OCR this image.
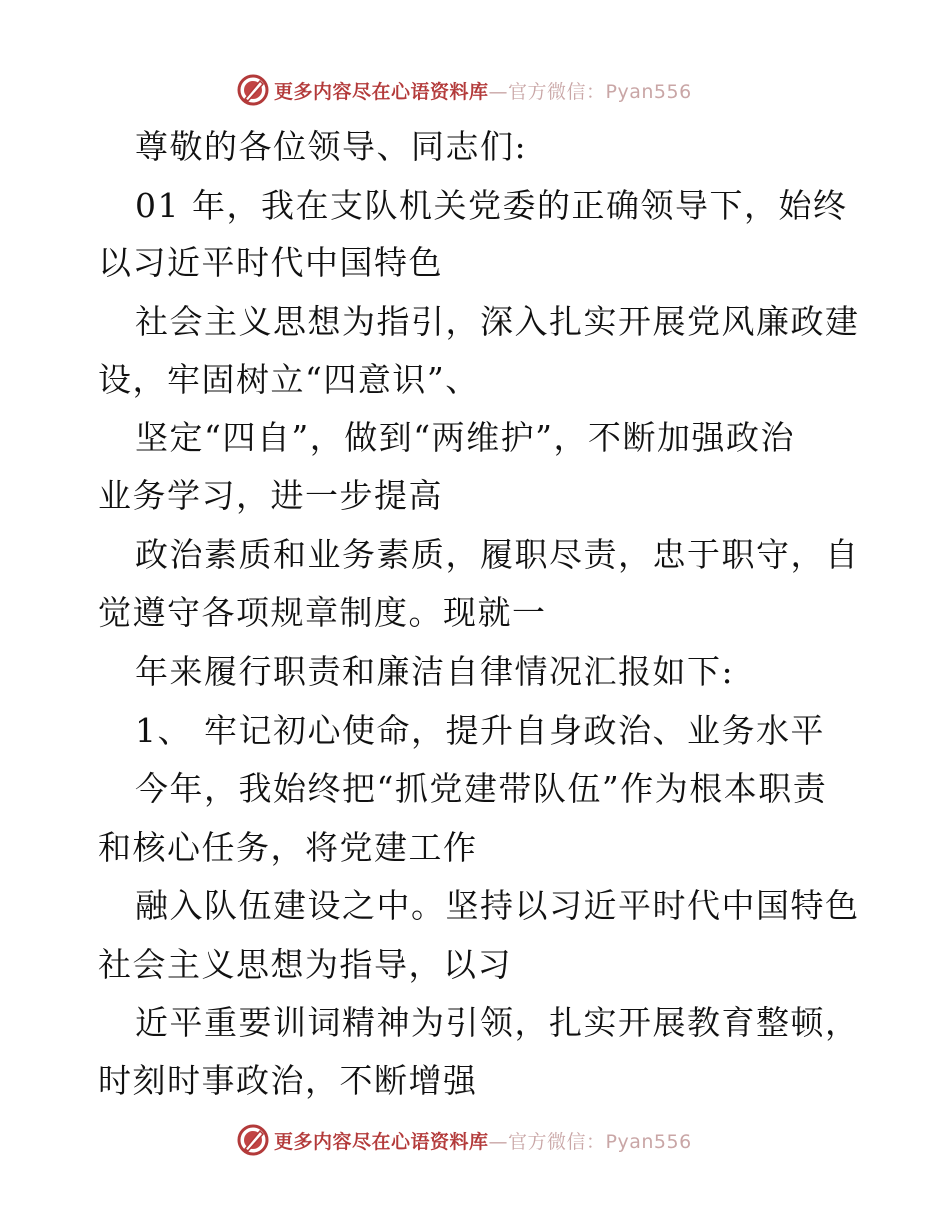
更多内容尽在心语资料库—官方微信：Pyan556
尊敬的各位领导、同志们:
01 年，我在支队机关党委的正确领导下，始终
以习近平时代中国特色
社会主义思想为指引，深入扎实开展党风廉政建
设，牢固树立“四意识”、
坚定“四自”，做到“两维护”，不断加强政治
业务学习，进一步提高
政治素质和业务素质，履职尽责，忠于职守，自
觉遵守各项规章制度。现就一
年来履行职责和廉洁自律情况汇报如下:
1、 牢记初心使命，提升自身政治、业务水平
今年，我始终把“抓党建带队伍”作为根本职责
和核心任务，将党建工作
融入队伍建设之中。坚持以习近平时代中国特色
社会主义思想为指导，以习
近平重要训词精神为引领，扎实开展教育整顿，
时刻时事政治，不断增强
更多内容尽在心语资料库—官方微信：Pyan556
